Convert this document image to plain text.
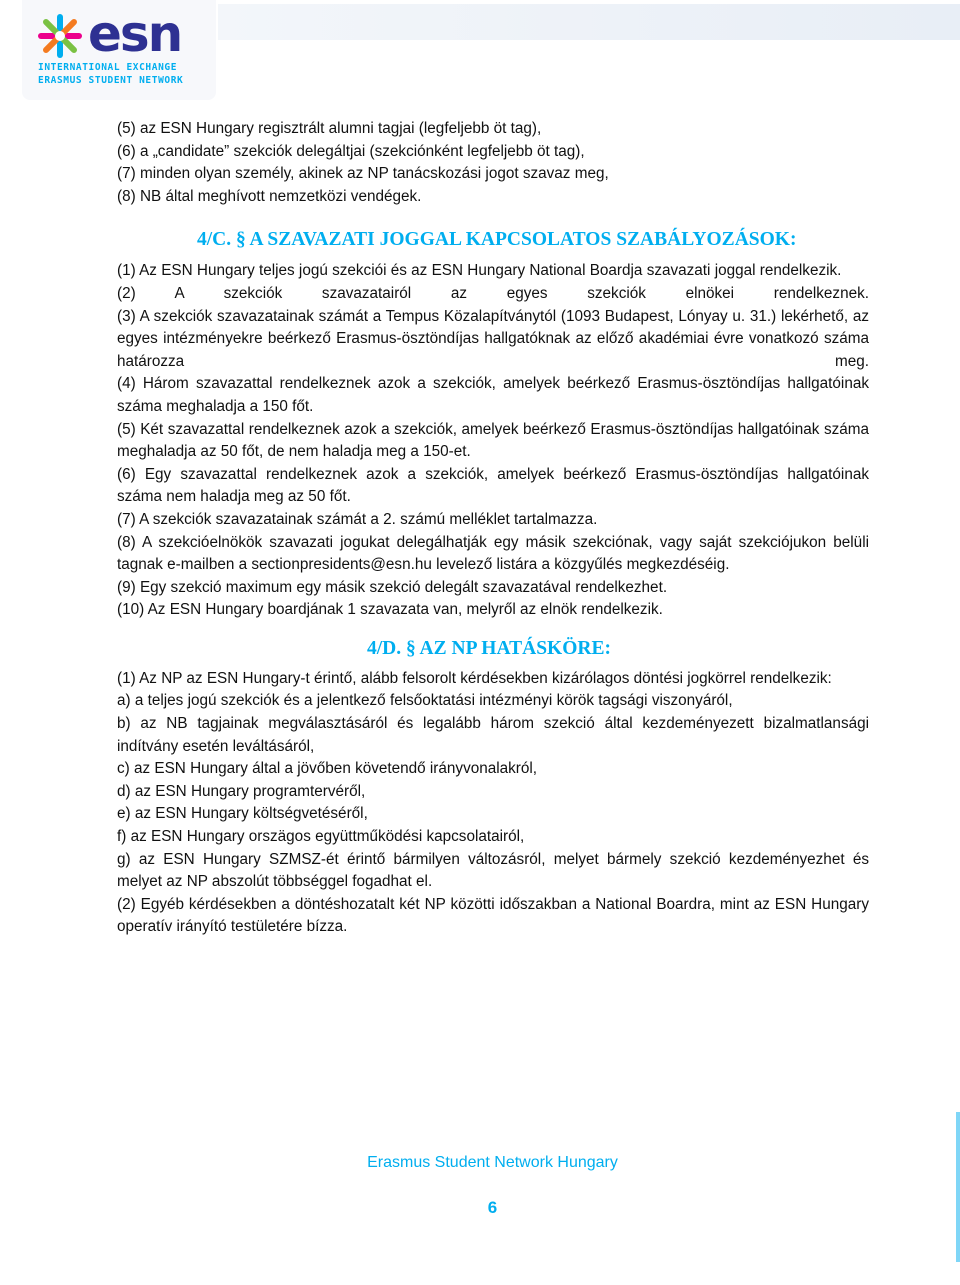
esn
INTERNATIONAL EXCHANGE
ERASMUS STUDENT NETWORK

(5) az ESN Hungary regisztrált alumni tagjai (legfeljebb öt tag),

(6) a „candidate” szekciók delegáltjai (szekciónként legfeljebb öt tag),

(7) minden olyan személy, akinek az NP tanácskozási jogot szavaz meg,

(8) NB által meghívott nemzetközi vendégek.

4/C. § A SZAVAZATI JOGGAL KAPCSOLATOS SZABÁLYOZÁSOK:

(1) Az ESN Hungary teljes jogú szekciói és az ESN Hungary National Boardja szavazati joggal rendelkezik.

(2) A szekciók szavazatairól az egyes szekciók elnökei rendelkeznek.

(3) A szekciók szavazatainak számát a Tempus Közalapítványtól (1093 Budapest, Lónyay u. 31.) lekérhető, az egyes intézményekre beérkező Erasmus-ösztöndíjas hallgatóknak az előző akadémiai évre vonatkozó száma határozza meg.

(4) Három szavazattal rendelkeznek azok a szekciók, amelyek beérkező Erasmus-ösztöndíjas hallgatóinak száma meghaladja a 150 főt.

(5) Két szavazattal rendelkeznek azok a szekciók, amelyek beérkező Erasmus-ösztöndíjas hallgatóinak száma meghaladja az 50 főt, de nem haladja meg a 150-et.

(6) Egy szavazattal rendelkeznek azok a szekciók, amelyek beérkező Erasmus-ösztöndíjas hallgatóinak száma nem haladja meg az 50 főt.

(7) A szekciók szavazatainak számát a 2. számú melléklet tartalmazza.

(8) A szekcióelnökök szavazati jogukat delegálhatják egy másik szekciónak, vagy saját szekciójukon belüli tagnak e-mailben a sectionpresidents@esn.hu levelező listára a közgyűlés megkezdéséig.

(9) Egy szekció maximum egy másik szekció delegált szavazatával rendelkezhet.

(10) Az ESN Hungary boardjának 1 szavazata van, melyről az elnök rendelkezik.

4/D. § AZ NP HATÁSKÖRE:

(1) Az NP az ESN Hungary-t érintő, alább felsorolt kérdésekben kizárólagos döntési jogkörrel rendelkezik:

a) a teljes jogú szekciók és a jelentkező felsőoktatási intézményi körök tagsági viszonyáról,

b) az NB tagjainak megválasztásáról és legalább három szekció által kezdeményezett bizalmatlansági indítvány esetén leváltásáról,

c) az ESN Hungary által a jövőben követendő irányvonalakról,

d) az ESN Hungary programtervéről,

e) az ESN Hungary költségvetéséről,

f) az ESN Hungary orszägos együttműködési kapcsolatairól,

g) az ESN Hungary SZMSZ-ét érintő bármilyen változásról, melyet bármely szekció kezdeményezhet és melyet az NP abszolút többséggel fogadhat el.

(2) Egyéb kérdésekben a döntéshozatalt két NP közötti időszakban a National Boardra, mint az ESN Hungary operatív irányító testületére bízza.

Erasmus Student Network Hungary
6
